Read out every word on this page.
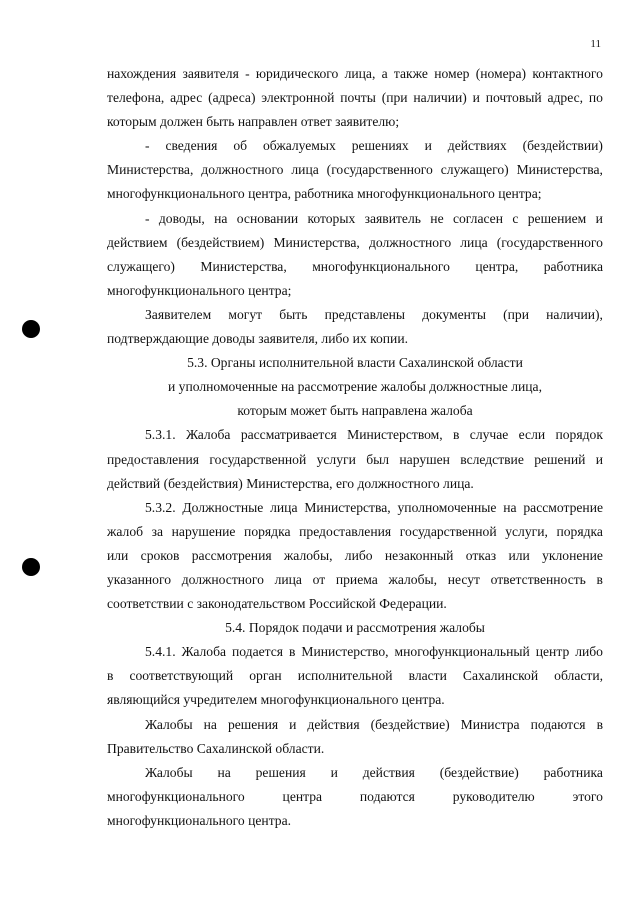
11
нахождения заявителя - юридического лица, а также номер (номера) контактного
телефона, адрес (адреса) электронной почты (при наличии) и почтовый адрес, по
которым должен быть направлен ответ заявителю;
- сведения об обжалуемых решениях и действиях (бездействии)
Министерства, должностного лица (государственного служащего) Министерства,
многофункционального центра, работника многофункционального центра;
- доводы, на основании которых заявитель не согласен с решением и
действием (бездействием) Министерства, должностного лица (государственного
служащего) Министерства, многофункционального центра, работника
многофункционального центра;
Заявителем могут быть представлены документы (при наличии),
подтверждающие доводы заявителя, либо их копии.
5.3. Органы исполнительной власти Сахалинской области
и уполномоченные на рассмотрение жалобы должностные лица,
которым может быть направлена жалоба
5.3.1. Жалоба рассматривается Министерством, в случае если порядок
предоставления государственной услуги был нарушен вследствие решений и
действий (бездействия) Министерства, его должностного лица.
5.3.2. Должностные лица Министерства, уполномоченные на рассмотрение
жалоб за нарушение порядка предоставления государственной услуги, порядка
или сроков рассмотрения жалобы, либо незаконный отказ или уклонение
указанного должностного лица от приема жалобы, несут ответственность в
соответствии с законодательством Российской Федерации.
5.4. Порядок подачи и рассмотрения жалобы
5.4.1. Жалоба подается в Министерство, многофункциональный центр либо
в соответствующий орган исполнительной власти Сахалинской области,
являющийся учредителем многофункционального центра.
Жалобы на решения и действия (бездействие) Министра подаются в
Правительство Сахалинской области.
Жалобы на решения и действия (бездействие) работника
многофункционального	центра	подаются	руководителю	этого
многофункционального центра.
